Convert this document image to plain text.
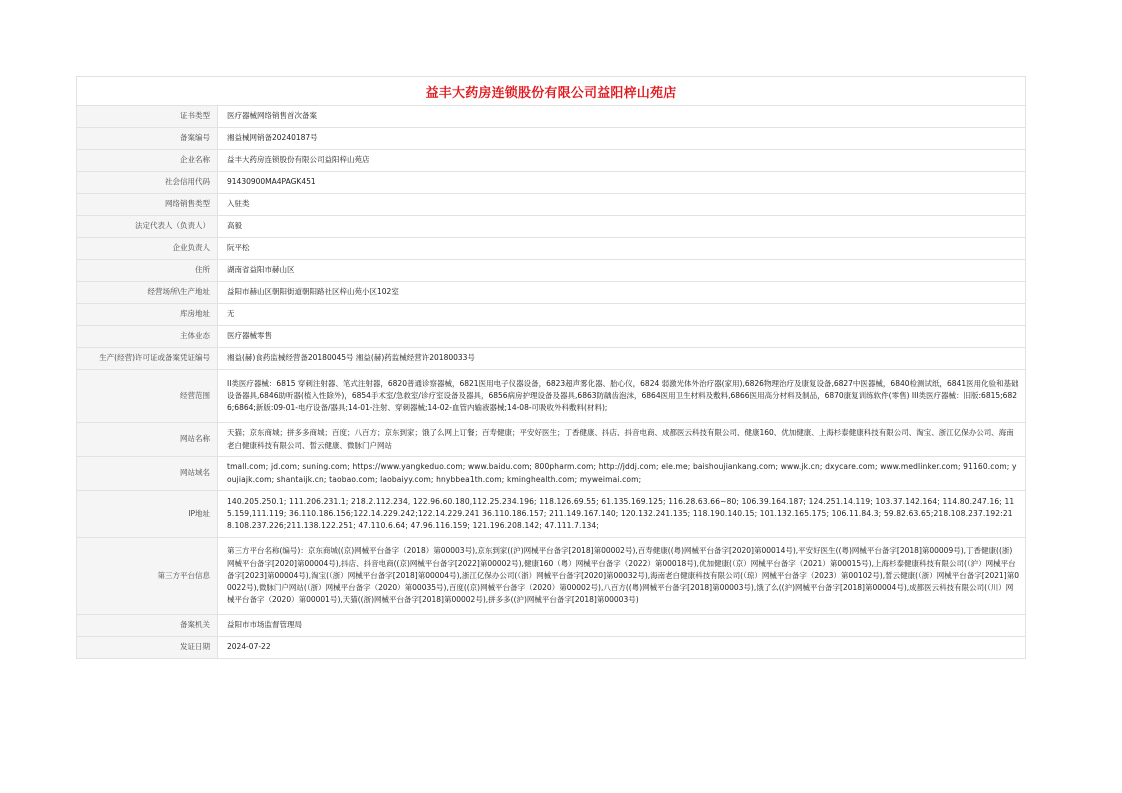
益丰大药房连锁股份有限公司益阳梓山苑店
证书类型	医疗器械网络销售首次备案
备案编号	湘益械网销备20240187号
企业名称	益丰大药房连锁股份有限公司益阳梓山苑店
社会信用代码	91430900MA4PAGK451
网络销售类型	入驻类
法定代表人（负责人）	高毅
企业负责人	阮平松
住所	湖南省益阳市赫山区
经营场所\生产地址	益阳市赫山区朝阳街道朝阳路社区梓山苑小区102室
库房地址	无
主体业态	医疗器械零售
生产(经营)许可证或备案凭证编号	湘益(赫)食药监械经营备20180045号 湘益(赫)药监械经营许20180033号
经营范围	II类医疗器械：6815 穿刺注射器、笔式注射器，6820普通诊察器械，6821医用电子仪器设备，6823超声雾化器、胎心仪，6824 弱激光体外治疗器(家用),6826物理治疗及康复设备,6827中医器械，6840检测试纸，6841医用化验和基础设备器具,6846助听器(植入性除外)，6854手术室/急救室/诊疗室设备及器具，6856病房护理设备及器具,6863防龋齿泡沫，6864医用卫生材料及敷料,6866医用高分材料及制品，6870康复训练软件(零售) III类医疗器械：旧版:6815;6826;6864;新版:09-01-电疗设备/器具;14-01-注射、穿刺器械;14-02-血管内输液器械;14-08-可吸收外科敷料(材料);
网站名称	天猫；京东商城；拼多多商城；百度；八百方；京东到家；饿了么网上订餐；百寿健康；平安好医生；丁香健康、抖店、抖音电商、成都医云科技有限公司、健康160、优加健康、上海杉泰健康科技有限公司、淘宝、浙江亿保办公司、海南老白健康科技有限公司、皙云健康、微脉门户网站
网站域名	tmall.com; jd.com; suning.com; https://www.yangkeduo.com; www.baidu.com; 800pharm.com; http://jddj.com; ele.me; baishoujiankang.com; www.jk.cn; dxycare.com; www.medlinker.com; 91160.com; youjiajk.com; shantaijk.cn; taobao.com; laobaiyy.com; hnybbea1th.com; kminghealth.com; myweimai.com;
IP地址	140.205.250.1; 111.206.231.1; 218.2.112.234, 122.96.60.180,112.25.234.196; 118.126.69.55; 61.135.169.125; 116.28.63.66~80; 106.39.164.187; 124.251.14.119; 103.37.142.164; 114.80.247.16; 115.159,111.119; 36.110.186.156;122.14.229.242;122.14.229.241 36.110.186.157; 211.149.167.140; 120.132.241.135; 118.190.140.15; 101.132.165.175; 106.11.84.3; 59.82.63.65;218.108.237.192:218.108.237.226;211.138.122.251; 47.110.6.64; 47.96.116.159; 121.196.208.142; 47.111.7.134;
第三方平台信息	第三方平台名称(编号)：京东商城((京)网械平台备字（2018）第00003号),京东到家((沪)网械平台备字[2018]第00002号),百寿健康((粤)网械平台备字[2020]第00014号),平安好医生((粤)网械平台备字[2018]第00009号),丁香健康((浙)网械平台备字[2020]第00004号),抖店、抖音电商((京)网械平台备字[2022]第00002号),健康160（粤）网械平台备字（2022）第00018号),优加健康(（京）网械平台备字（2021）第00015号),上海杉泰健康科技有限公司(（沪）网械平台备字[2023]第00004号),淘宝(（浙）网械平台备字[2018]第00004号),浙江亿保办公司(（浙）网械平台备字[2020]第00032号),海南老白健康科技有限公司(（琼）网械平台备字（2023）第00102号),皙云健康(（浙）网械平台备字[2021]第00022号),微脉门户网站(（浙）网械平台备字（2020）第00035号),百度((京)网械平台备字（2020）第00002号),八百方((粤)网械平台备字[2018]第00003号),饿了么((沪)网械平台备字[2018]第00004号),成都医云科技有限公司(（川）网械平台备字（2020）第00001号),天猫((浙)网械平台备字[2018]第00002号),拼多多((沪)网械平台备字[2018]第00003号)
备案机关	益阳市市场监督管理局
发证日期	2024-07-22
